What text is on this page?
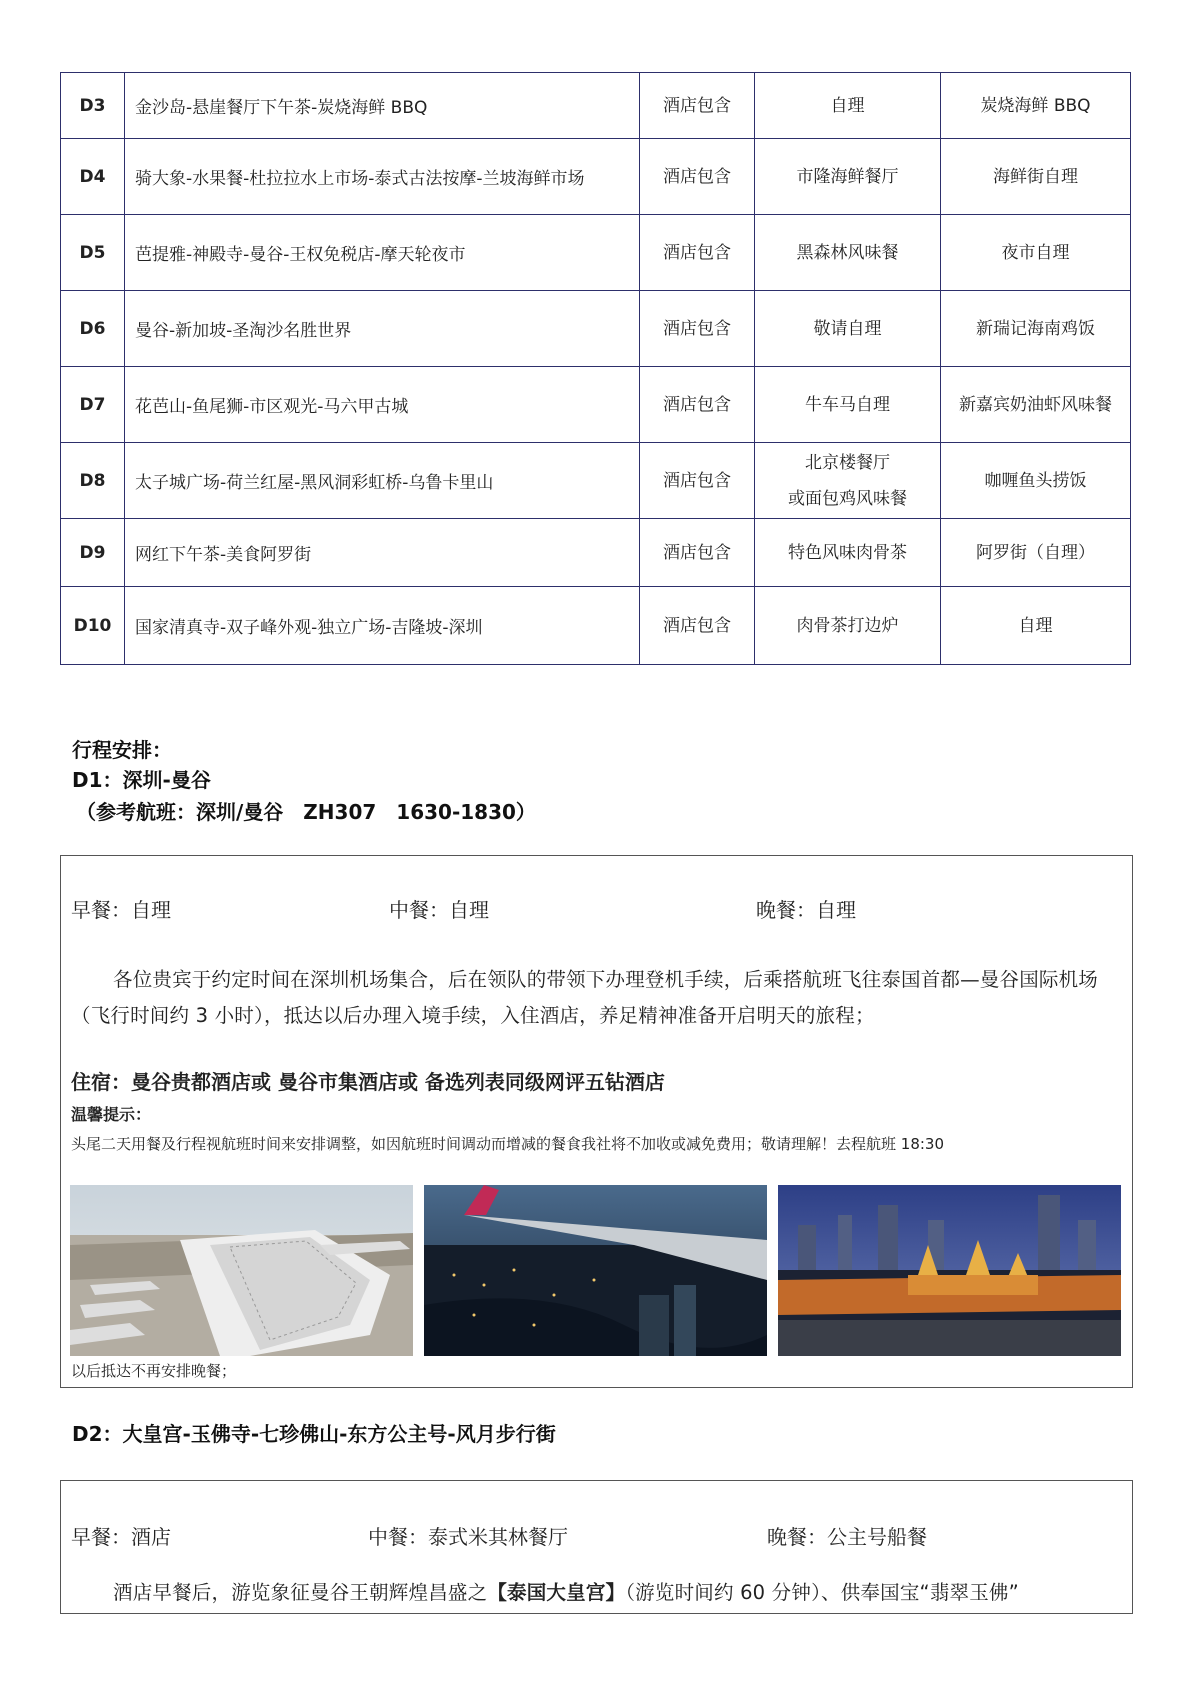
D3	金沙岛-悬崖餐厅下午茶-炭烧海鲜 BBQ	酒店包含	自理	炭烧海鲜 BBQ
D4	骑大象-水果餐-杜拉拉水上市场-泰式古法按摩-兰坡海鲜市场	酒店包含	市隆海鲜餐厅	海鲜街自理
D5	芭提雅-神殿寺-曼谷-王权免税店-摩天轮夜市	酒店包含	黑森林风味餐	夜市自理
D6	曼谷-新加坡-圣淘沙名胜世界	酒店包含	敬请自理	新瑞记海南鸡饭
D7	花芭山-鱼尾狮-市区观光-马六甲古城	酒店包含	牛车马自理	新嘉宾奶油虾风味餐
D8	太子城广场-荷兰红屋-黑风洞彩虹桥-乌鲁卡里山	酒店包含	北京楼餐厅
或面包鸡风味餐	咖喱鱼头捞饭
D9	网红下午茶-美食阿罗街	酒店包含	特色风味肉骨茶	阿罗街（自理）
D10	国家清真寺-双子峰外观-独立广场-吉隆坡-深圳	酒店包含	肉骨茶打边炉	自理
行程安排：
D1：深圳-曼谷
（参考航班：深圳/曼谷　ZH307　1630-1830）
早餐：自理	中餐：自理	晚餐：自理
各位贵宾于约定时间在深圳机场集合，后在领队的带领下办理登机手续，后乘搭航班飞往泰国首都—曼谷国际机场（飞行时间约 3 小时），抵达以后办理入境手续，入住酒店，养足精神准备开启明天的旅程；
住宿：曼谷贵都酒店或 曼谷市集酒店或 备选列表同级网评五钻酒店
温馨提示：
头尾二天用餐及行程视航班时间来安排调整，如因航班时间调动而增减的餐食我社将不加收或减免费用；敬请理解！去程航班 18:30
以后抵达不再安排晚餐；
D2：大皇宫-玉佛寺-七珍佛山-东方公主号-风月步行街
早餐：酒店	中餐：泰式米其林餐厅	晚餐：公主号船餐
酒店早餐后，游览象征曼谷王朝辉煌昌盛之【泰国大皇宫】（游览时间约 60 分钟）、供奉国宝“翡翠玉佛”
